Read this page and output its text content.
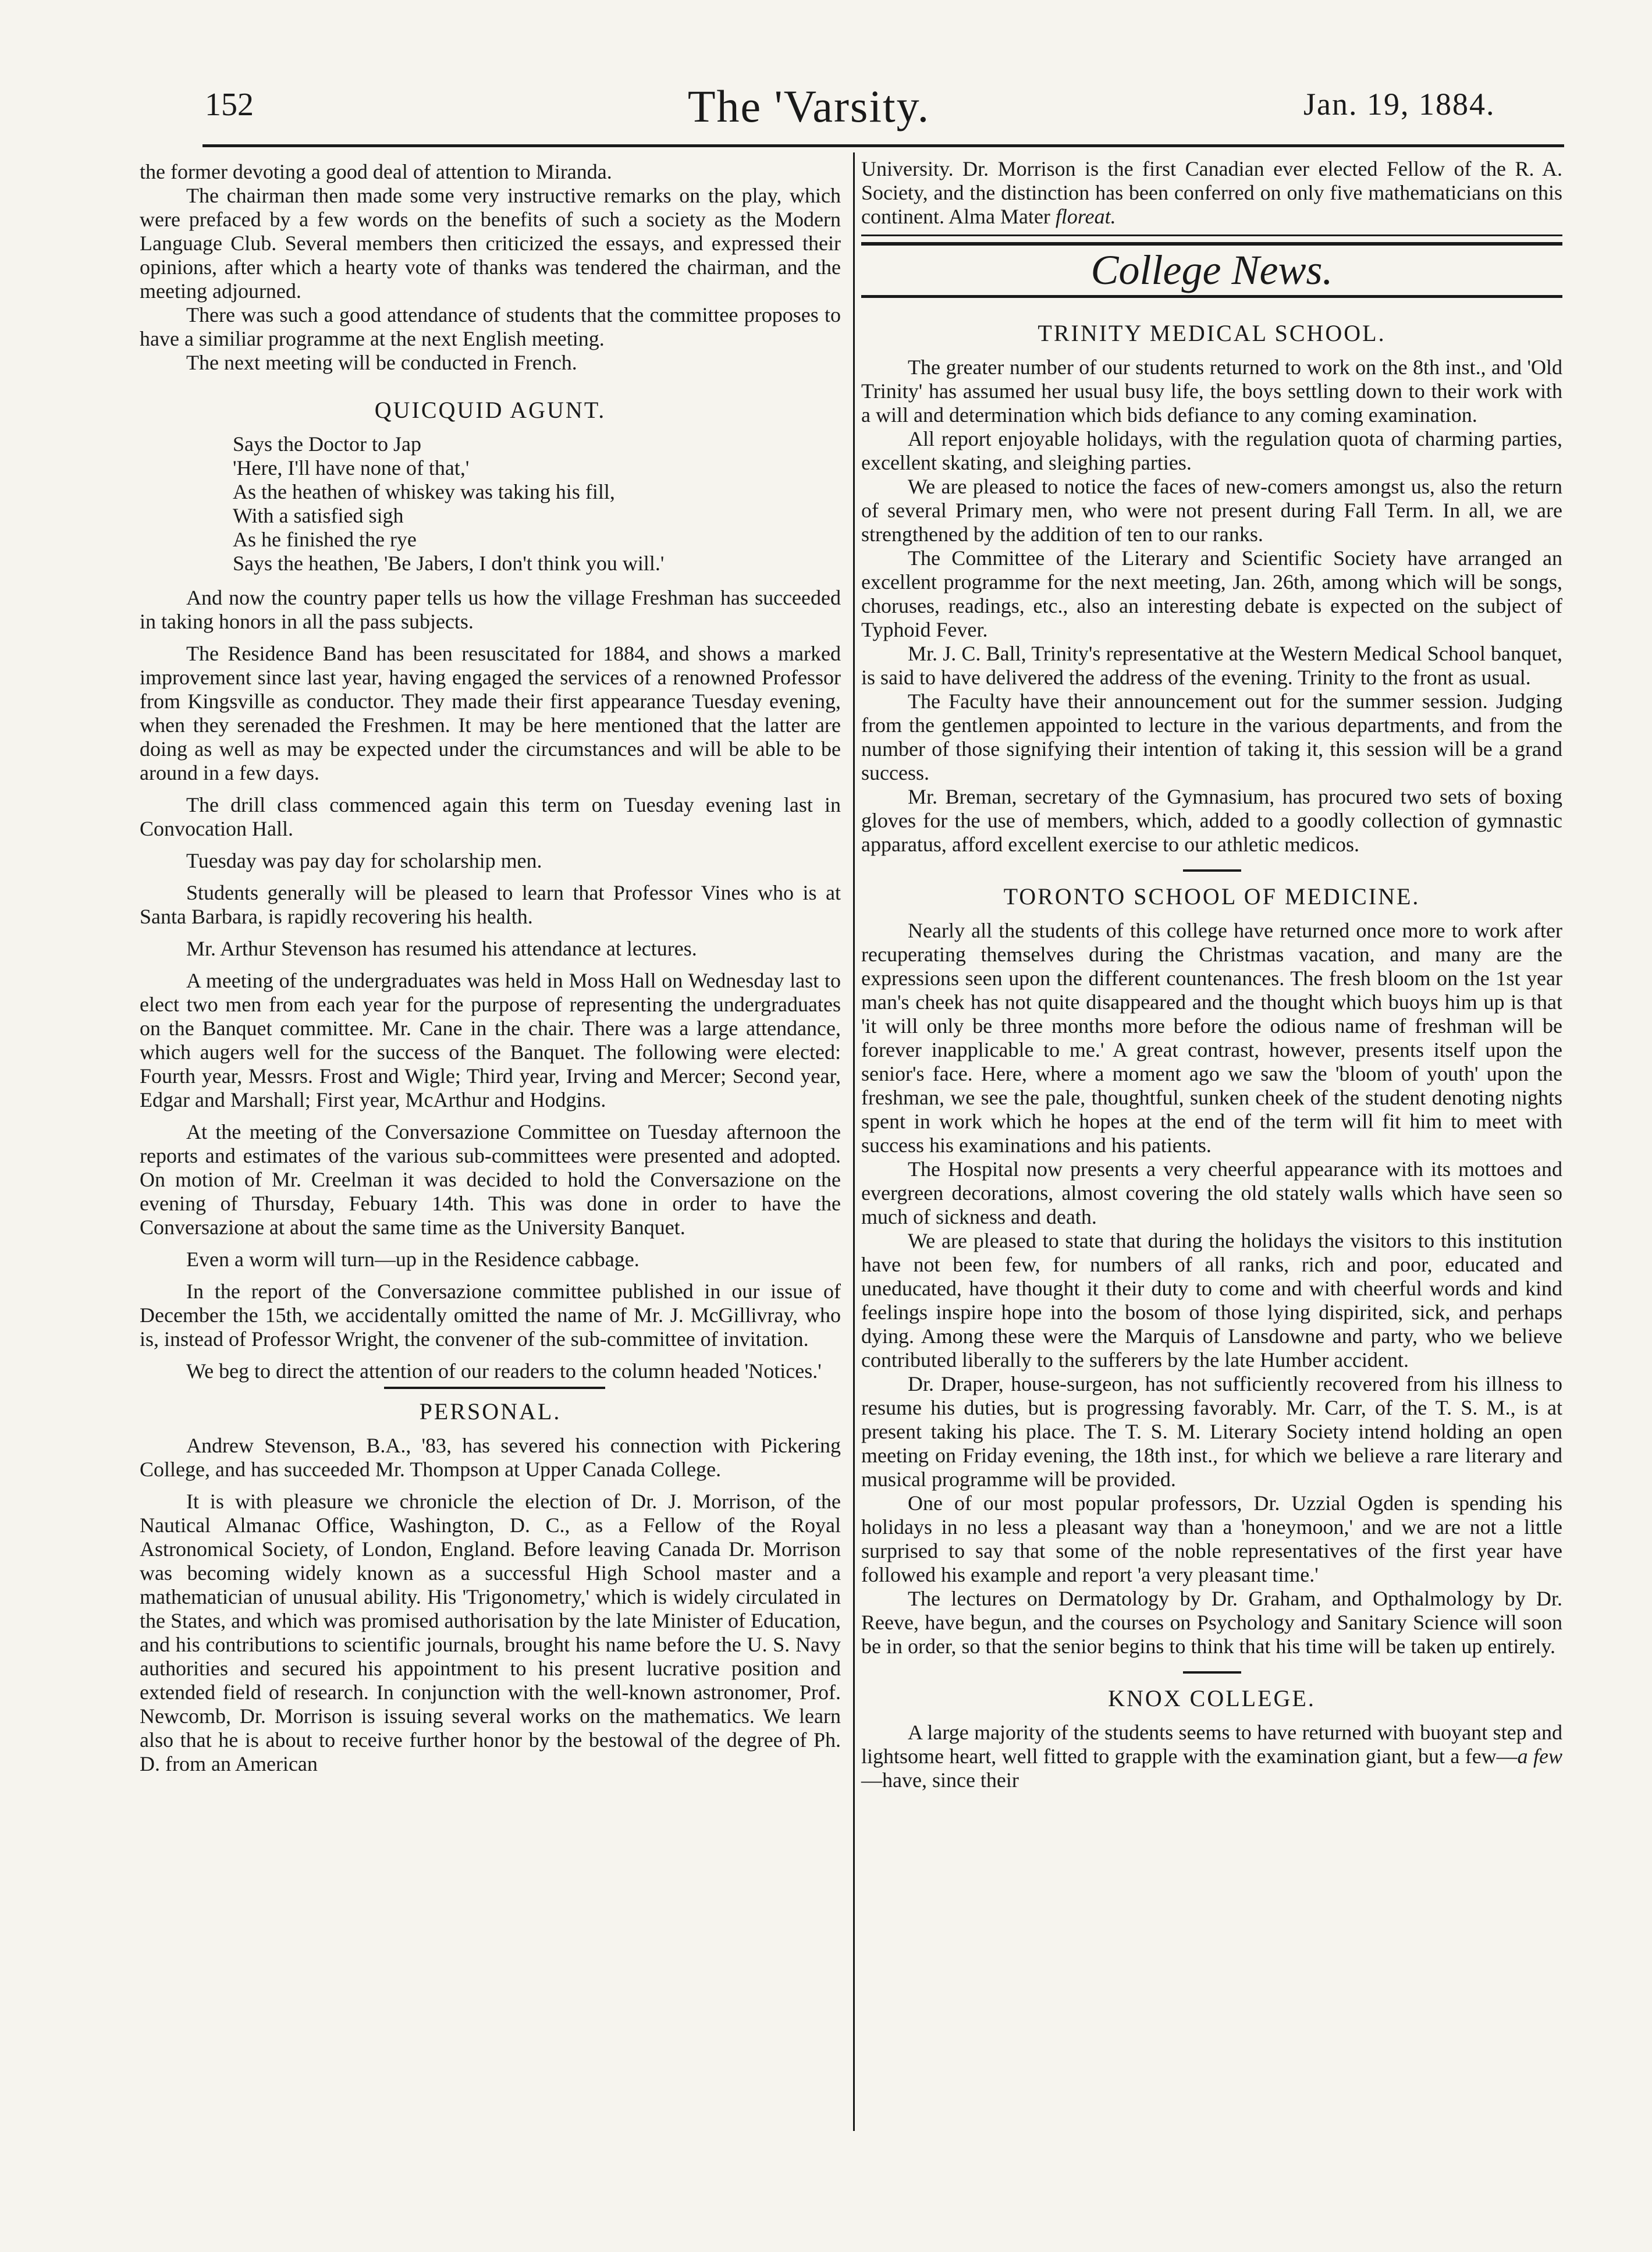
152	The 'Varsity.	Jan. 19, 1884.

the former devoting a good deal of attention to Miranda.

The chairman then made some very instructive remarks on the play, which were prefaced by a few words on the benefits of such a society as the Modern Language Club. Several members then criticized the essays, and expressed their opinions, after which a hearty vote of thanks was tendered the chairman, and the meeting adjourned.

There was such a good attendance of students that the committee proposes to have a similiar programme at the next English meeting.

The next meeting will be conducted in French.

QUICQUID AGUNT.
Says the Doctor to Jap
'Here, I'll have none of that,'
As the heathen of whiskey was taking his fill,
With a satisfied sigh
As he finished the rye
Says the heathen, 'Be Jabers, I don't think you will.'

And now the country paper tells us how the village Freshman has succeeded in taking honors in all the pass subjects.

The Residence Band has been resuscitated for 1884, and shows a marked improvement since last year, having engaged the services of a renowned Professor from Kingsville as conductor. They made their first appearance Tuesday evening, when they serenaded the Freshmen. It may be here mentioned that the latter are doing as well as may be expected under the circumstances and will be able to be around in a few days.

The drill class commenced again this term on Tuesday evening last in Convocation Hall.

Tuesday was pay day for scholarship men.

Students generally will be pleased to learn that Professor Vines who is at Santa Barbara, is rapidly recovering his health.

Mr. Arthur Stevenson has resumed his attendance at lectures.

A meeting of the undergraduates was held in Moss Hall on Wednesday last to elect two men from each year for the purpose of representing the undergraduates on the Banquet committee. Mr. Cane in the chair. There was a large attendance, which augers well for the success of the Banquet. The following were elected: Fourth year, Messrs. Frost and Wigle; Third year, Irving and Mercer; Second year, Edgar and Marshall; First year, McArthur and Hodgins.

At the meeting of the Conversazione Committee on Tuesday afternoon the reports and estimates of the various sub-committees were presented and adopted. On motion of Mr. Creelman it was decided to hold the Conversazione on the evening of Thursday, Febuary 14th. This was done in order to have the Conversazione at about the same time as the University Banquet.

Even a worm will turn—up in the Residence cabbage.

In the report of the Conversazione committee published in our issue of December the 15th, we accidentally omitted the name of Mr. J. McGillivray, who is, instead of Professor Wright, the convener of the sub-committee of invitation.

We beg to direct the attention of our readers to the column headed 'Notices.'

PERSONAL.

Andrew Stevenson, B.A., '83, has severed his connection with Pickering College, and has succeeded Mr. Thompson at Upper Canada College.

It is with pleasure we chronicle the election of Dr. J. Morrison, of the Nautical Almanac Office, Washington, D. C., as a Fellow of the Royal Astronomical Society, of London, England. Before leaving Canada Dr. Morrison was becoming widely known as a successful High School master and a mathematician of unusual ability. His 'Trigonometry,' which is widely circulated in the States, and which was promised authorisation by the late Minister of Education, and his contributions to scientific journals, brought his name before the U. S. Navy authorities and secured his appointment to his present lucrative position and extended field of research. In conjunction with the well-known astronomer, Prof. Newcomb, Dr. Morrison is issuing several works on the mathematics. We learn also that he is about to receive further honor by the bestowal of the degree of Ph. D. from an American

University. Dr. Morrison is the first Canadian ever elected Fellow of the R. A. Society, and the distinction has been conferred on only five mathematicians on this continent. Alma Mater floreat.

College News.
TRINITY MEDICAL SCHOOL.

The greater number of our students returned to work on the 8th inst., and 'Old Trinity' has assumed her usual busy life, the boys settling down to their work with a will and determination which bids defiance to any coming examination.

All report enjoyable holidays, with the regulation quota of charming parties, excellent skating, and sleighing parties.

We are pleased to notice the faces of new-comers amongst us, also the return of several Primary men, who were not present during Fall Term. In all, we are strengthened by the addition of ten to our ranks.

The Committee of the Literary and Scientific Society have arranged an excellent programme for the next meeting, Jan. 26th, among which will be songs, choruses, readings, etc., also an interesting debate is expected on the subject of Typhoid Fever.

Mr. J. C. Ball, Trinity's representative at the Western Medical School banquet, is said to have delivered the address of the evening. Trinity to the front as usual.

The Faculty have their announcement out for the summer session. Judging from the gentlemen appointed to lecture in the various departments, and from the number of those signifying their intention of taking it, this session will be a grand success.

Mr. Breman, secretary of the Gymnasium, has procured two sets of boxing gloves for the use of members, which, added to a goodly collection of gymnastic apparatus, afford excellent exercise to our athletic medicos.

TORONTO SCHOOL OF MEDICINE.

Nearly all the students of this college have returned once more to work after recuperating themselves during the Christmas vacation, and many are the expressions seen upon the different countenances. The fresh bloom on the 1st year man's cheek has not quite disappeared and the thought which buoys him up is that 'it will only be three months more before the odious name of freshman will be forever inapplicable to me.' A great contrast, however, presents itself upon the senior's face. Here, where a moment ago we saw the 'bloom of youth' upon the freshman, we see the pale, thoughtful, sunken cheek of the student denoting nights spent in work which he hopes at the end of the term will fit him to meet with success his examinations and his patients.

The Hospital now presents a very cheerful appearance with its mottoes and evergreen decorations, almost covering the old stately walls which have seen so much of sickness and death.

We are pleased to state that during the holidays the visitors to this institution have not been few, for numbers of all ranks, rich and poor, educated and uneducated, have thought it their duty to come and with cheerful words and kind feelings inspire hope into the bosom of those lying dispirited, sick, and perhaps dying. Among these were the Marquis of Lansdowne and party, who we believe contributed liberally to the sufferers by the late Humber accident.

Dr. Draper, house-surgeon, has not sufficiently recovered from his illness to resume his duties, but is progressing favorably. Mr. Carr, of the T. S. M., is at present taking his place. The T. S. M. Literary Society intend holding an open meeting on Friday evening, the 18th inst., for which we believe a rare literary and musical programme will be provided.

One of our most popular professors, Dr. Uzzial Ogden is spending his holidays in no less a pleasant way than a 'honeymoon,' and we are not a little surprised to say that some of the noble representatives of the first year have followed his example and report 'a very pleasant time.'

The lectures on Dermatology by Dr. Graham, and Opthalmology by Dr. Reeve, have begun, and the courses on Psychology and Sanitary Science will soon be in order, so that the senior begins to think that his time will be taken up entirely.

KNOX COLLEGE.

A large majority of the students seems to have returned with buoyant step and lightsome heart, well fitted to grapple with the examination giant, but a few—a few—have, since their
